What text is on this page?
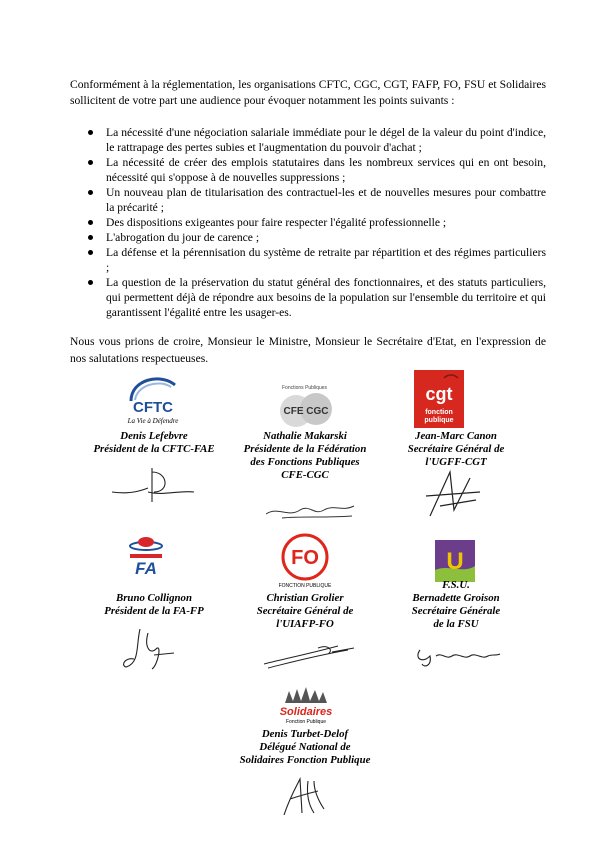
Conformément à la réglementation, les organisations CFTC, CGC, CGT, FAFP, FO, FSU et Solidaires sollicitent de votre part une audience pour évoquer notamment les points suivants :

La nécessité d'une négociation salariale immédiate pour le dégel de la valeur du point d'indice, le rattrapage des pertes subies et l'augmentation du pouvoir d'achat ;
La nécessité de créer des emplois statutaires dans les nombreux services qui en ont besoin, nécessité qui s'oppose à de nouvelles suppressions ;
Un nouveau plan de titularisation des contractuel-les et de nouvelles mesures pour combattre la précarité ;
Des dispositions exigeantes pour faire respecter l'égalité professionnelle ;
L'abrogation du jour de carence ;
La défense et la pérennisation du système de retraite par répartition et des régimes particuliers ;
La question de la préservation du statut général des fonctionnaires, et des statuts particuliers, qui permettent déjà de répondre aux besoins de la population sur l'ensemble du territoire et qui garantissent l'égalité entre les usager-es.

Nous vous prions de croire, Monsieur le Ministre, Monsieur le Secrétaire d'Etat, en l'expression de nos salutations respectueuses.

CFTC
La Vie à Défendre
Fonctions Publiques
CFE CGC
cgt
fonction
publique
FA	FO
FONCTION PUBLIQUE
U
Solidaires
Fonction Publique
Denis Lefebvre
Président de la CFTC-FAE
Nathalie Makarski
Présidente de la Fédération
des Fonctions Publiques
CFE-CGC
Jean-Marc Canon
Secrétaire Général de
l'UGFF-CGT
Bruno Collignon
Président de la FA-FP
Christian Grolier
Secrétaire Général de
l'UIAFP-FO
F.S.U.
Bernadette Groison
Secrétaire Générale
de la FSU
Denis Turbet-Delof
Délégué National de
Solidaires Fonction Publique
